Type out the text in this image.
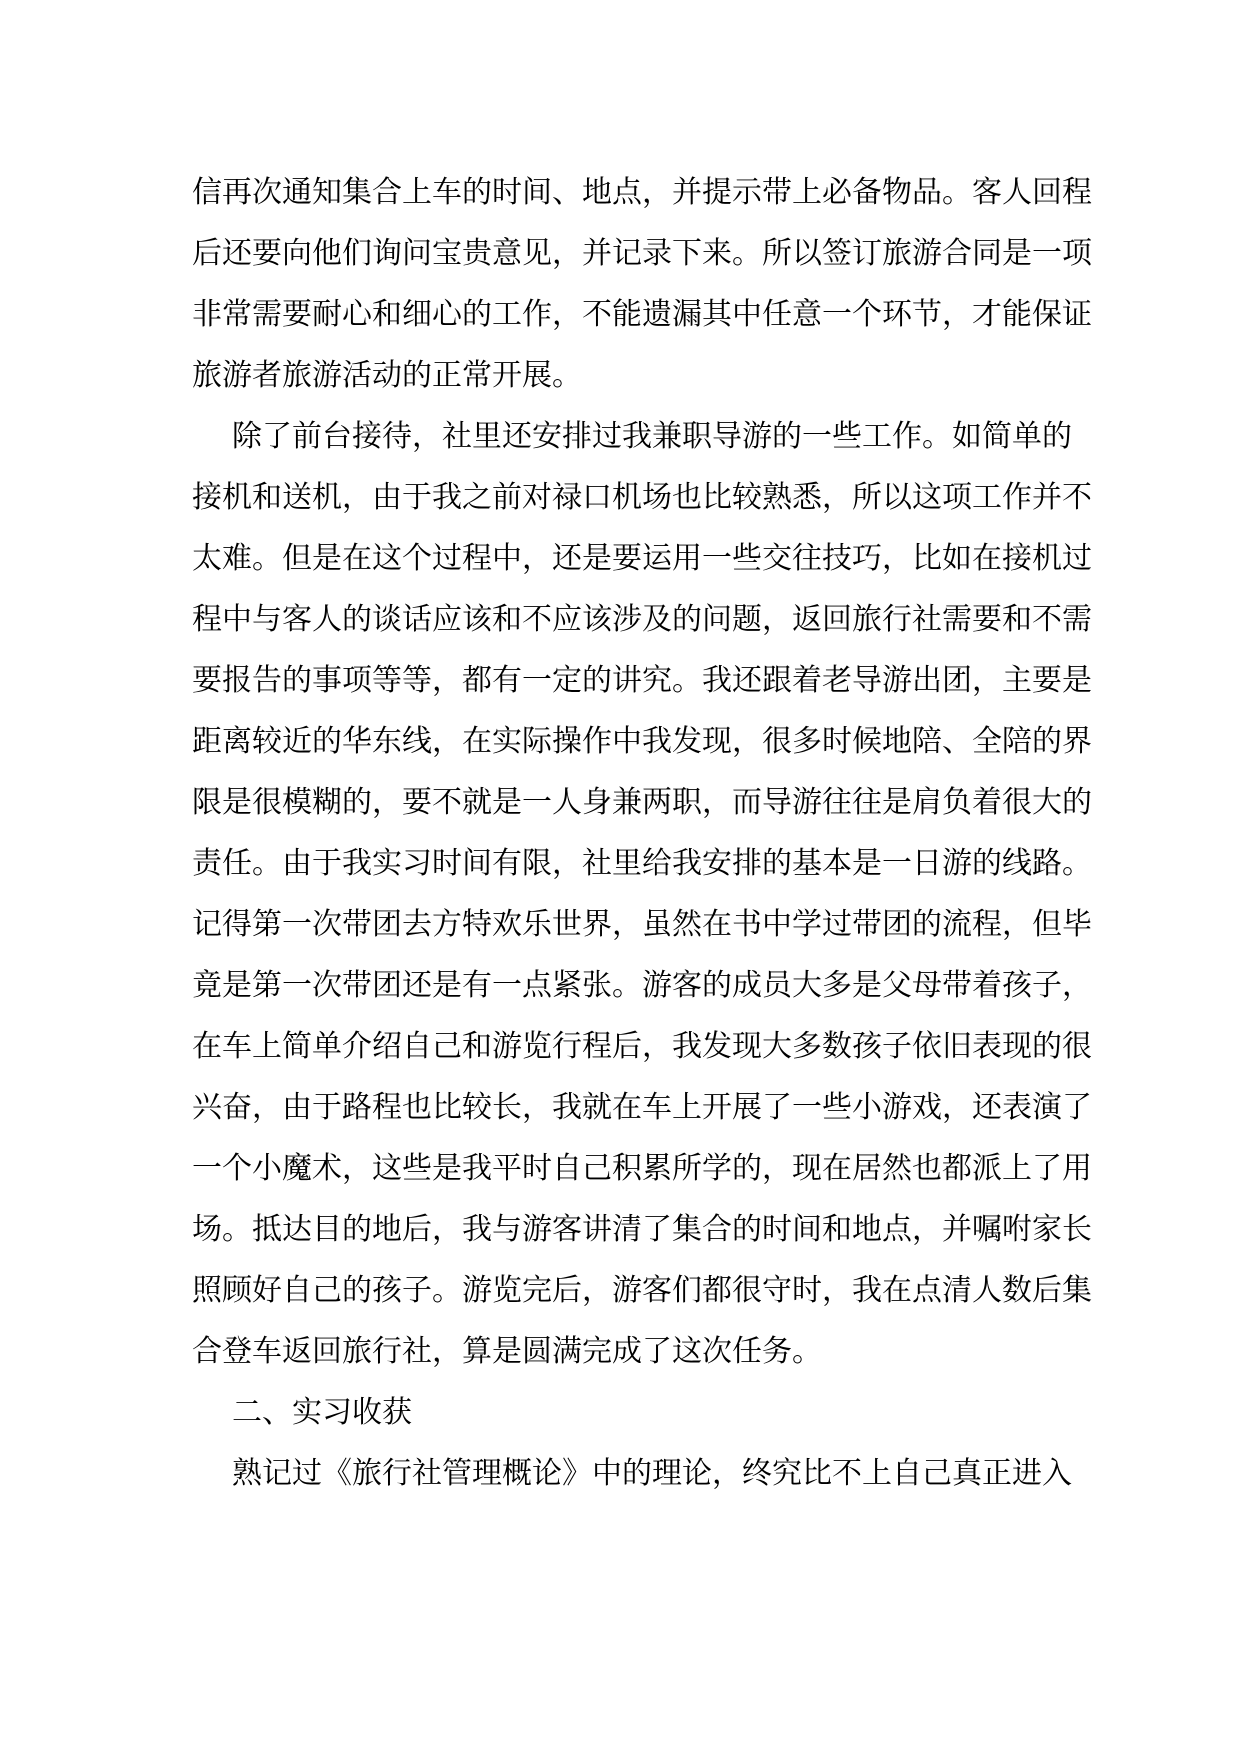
信再次通知集合上车的时间、地点，并提示带上必备物品。客人回程
后还要向他们询问宝贵意见，并记录下来。所以签订旅游合同是一项
非常需要耐心和细心的工作，不能遗漏其中任意一个环节，才能保证
旅游者旅游活动的正常开展。
除了前台接待，社里还安排过我兼职导游的一些工作。如简单的
接机和送机，由于我之前对禄口机场也比较熟悉，所以这项工作并不
太难。但是在这个过程中，还是要运用一些交往技巧，比如在接机过
程中与客人的谈话应该和不应该涉及的问题，返回旅行社需要和不需
要报告的事项等等，都有一定的讲究。我还跟着老导游出团，主要是
距离较近的华东线，在实际操作中我发现，很多时候地陪、全陪的界
限是很模糊的，要不就是一人身兼两职，而导游往往是肩负着很大的
责任。由于我实习时间有限，社里给我安排的基本是一日游的线路。
记得第一次带团去方特欢乐世界，虽然在书中学过带团的流程，但毕
竟是第一次带团还是有一点紧张。游客的成员大多是父母带着孩子，
在车上简单介绍自己和游览行程后，我发现大多数孩子依旧表现的很
兴奋，由于路程也比较长，我就在车上开展了一些小游戏，还表演了
一个小魔术，这些是我平时自己积累所学的，现在居然也都派上了用
场。抵达目的地后，我与游客讲清了集合的时间和地点，并嘱咐家长
照顾好自己的孩子。游览完后，游客们都很守时，我在点清人数后集
合登车返回旅行社，算是圆满完成了这次任务。
二、实习收获
熟记过《旅行社管理概论》中的理论，终究比不上自己真正进入
